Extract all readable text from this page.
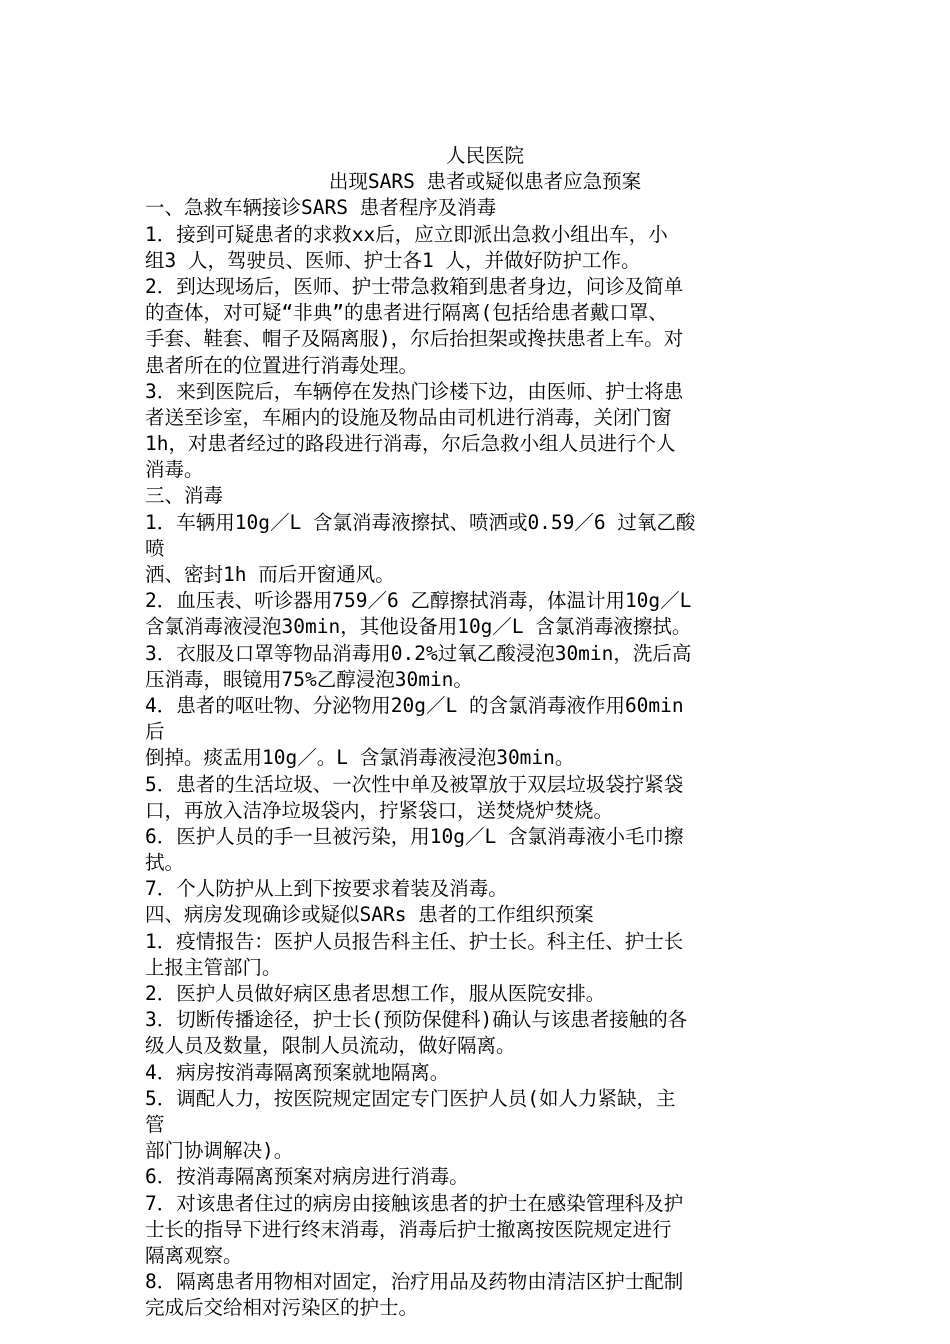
人民医院
出现SARS 患者或疑似患者应急预案
一、急救车辆接诊SARS 患者程序及消毒
1．接到可疑患者的求救xx后，应立即派出急救小组出车，小
组3 人，驾驶员、医师、护士各1 人，并做好防护工作。
2．到达现场后，医师、护士带急救箱到患者身边，问诊及简单
的查体，对可疑“非典”的患者进行隔离(包括给患者戴口罩、
手套、鞋套、帽子及隔离服)，尔后抬担架或搀扶患者上车。对
患者所在的位置进行消毒处理。
3．来到医院后，车辆停在发热门诊楼下边，由医师、护士将患
者送至诊室，车厢内的设施及物品由司机进行消毒，关闭门窗
1h，对患者经过的路段进行消毒，尔后急救小组人员进行个人
消毒。
三、消毒
1．车辆用10g／L 含氯消毒液擦拭、喷洒或0.59／6 过氧乙酸
喷
洒、密封1h 而后开窗通风。
2．血压表、听诊器用759／6 乙醇擦拭消毒，体温计用10g／L
含氯消毒液浸泡30min，其他设备用10g／L 含氯消毒液擦拭。
3．衣服及口罩等物品消毒用0.2%过氧乙酸浸泡30min，洗后高
压消毒，眼镜用75%乙醇浸泡30min。
4．患者的呕吐物、分泌物用20g／L 的含氯消毒液作用60min
后
倒掉。痰盂用10g／。L 含氯消毒液浸泡30min。
5．患者的生活垃圾、一次性中单及被罩放于双层垃圾袋拧紧袋
口，再放入洁净垃圾袋内，拧紧袋口，送焚烧炉焚烧。
6．医护人员的手一旦被污染，用10g／L 含氯消毒液小毛巾擦
拭。
7．个人防护从上到下按要求着装及消毒。
四、病房发现确诊或疑似SARs 患者的工作组织预案
1．疫情报告：医护人员报告科主任、护士长。科主任、护士长
上报主管部门。
2．医护人员做好病区患者思想工作，服从医院安排。
3．切断传播途径，护士长(预防保健科)确认与该患者接触的各
级人员及数量，限制人员流动，做好隔离。
4．病房按消毒隔离预案就地隔离。
5．调配人力，按医院规定固定专门医护人员(如人力紧缺，主
管
部门协调解决)。
6．按消毒隔离预案对病房进行消毒。
7．对该患者住过的病房由接触该患者的护士在感染管理科及护
士长的指导下进行终末消毒，消毒后护士撤离按医院规定进行
隔离观察。
8．隔离患者用物相对固定，治疗用品及药物由清洁区护士配制
完成后交给相对污染区的护士。
